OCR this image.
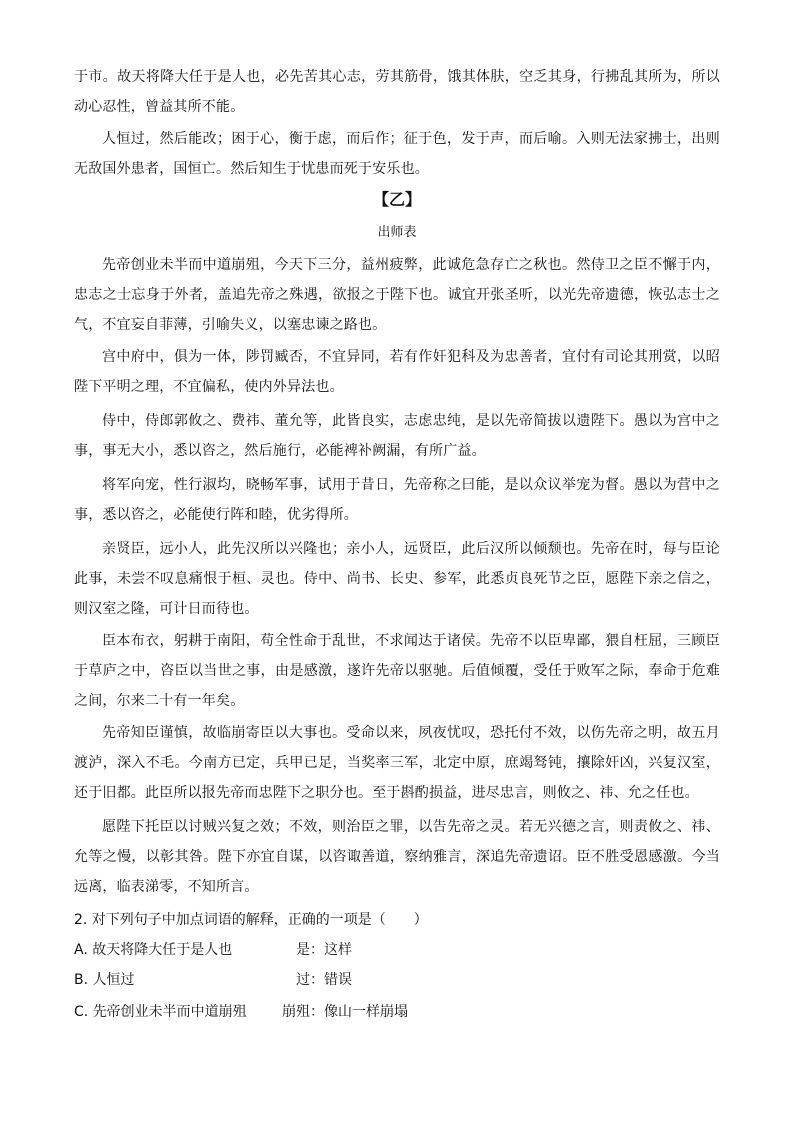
于市。故天将降大任于是人也，必先苦其心志，劳其筋骨，饿其体肤，空乏其身，行拂乱其所为，所以动心忍性，曾益其所不能。

人恒过，然后能改；困于心，衡于虑，而后作；征于色，发于声，而后喻。入则无法家拂士，出则无敌国外患者，国恒亡。然后知生于忧患而死于安乐也。

【乙】

出师表

先帝创业未半而中道崩殂，今天下三分，益州疲弊，此诚危急存亡之秋也。然侍卫之臣不懈于内，忠志之士忘身于外者，盖追先帝之殊遇，欲报之于陛下也。诚宜开张圣听，以光先帝遗德，恢弘志士之气，不宜妄自菲薄，引喻失义，以塞忠谏之路也。

宫中府中，俱为一体，陟罚臧否，不宜异同，若有作奸犯科及为忠善者，宜付有司论其刑赏，以昭陛下平明之理，不宜偏私，使内外异法也。

侍中，侍郎郭攸之、费祎、董允等，此皆良实，志虑忠纯，是以先帝简拔以遗陛下。愚以为宫中之事，事无大小，悉以咨之，然后施行，必能裨补阙漏，有所广益。

将军向宠，性行淑均，晓畅军事，试用于昔日，先帝称之曰能，是以众议举宠为督。愚以为营中之事，悉以咨之，必能使行阵和睦，优劣得所。

亲贤臣，远小人，此先汉所以兴隆也；亲小人，远贤臣，此后汉所以倾颓也。先帝在时，每与臣论此事，未尝不叹息痛恨于桓、灵也。侍中、尚书、长史、参军，此悉贞良死节之臣，愿陛下亲之信之，则汉室之隆，可计日而待也。

臣本布衣，躬耕于南阳，苟全性命于乱世，不求闻达于诸侯。先帝不以臣卑鄙，猥自枉屈，三顾臣于草庐之中，咨臣以当世之事，由是感激，遂许先帝以驱驰。后值倾覆，受任于败军之际，奉命于危难之间，尔来二十有一年矣。

先帝知臣谨慎，故临崩寄臣以大事也。受命以来，夙夜忧叹，恐托付不效，以伤先帝之明，故五月渡泸，深入不毛。今南方已定，兵甲已足，当奖率三军，北定中原，庶竭驽钝，攘除奸凶，兴复汉室，还于旧都。此臣所以报先帝而忠陛下之职分也。至于斟酌损益，进尽忠言，则攸之、祎、允之任也。

愿陛下托臣以讨贼兴复之效；不效，则治臣之罪，以告先帝之灵。若无兴德之言，则责攸之、祎、允等之慢，以彰其咎。陛下亦宜自谋，以咨诹善道，察纳雅言，深追先帝遗诏。臣不胜受恩感激。今当远离，临表涕零，不知所言。

2. 对下列句子中加点词语的解释，正确的一项是（　　）

A. 故天将降大任于是人也	是：这样
B. 人恒过	过：错误
C. 先帝创业未半而中道崩殂	崩殂：像山一样崩塌
